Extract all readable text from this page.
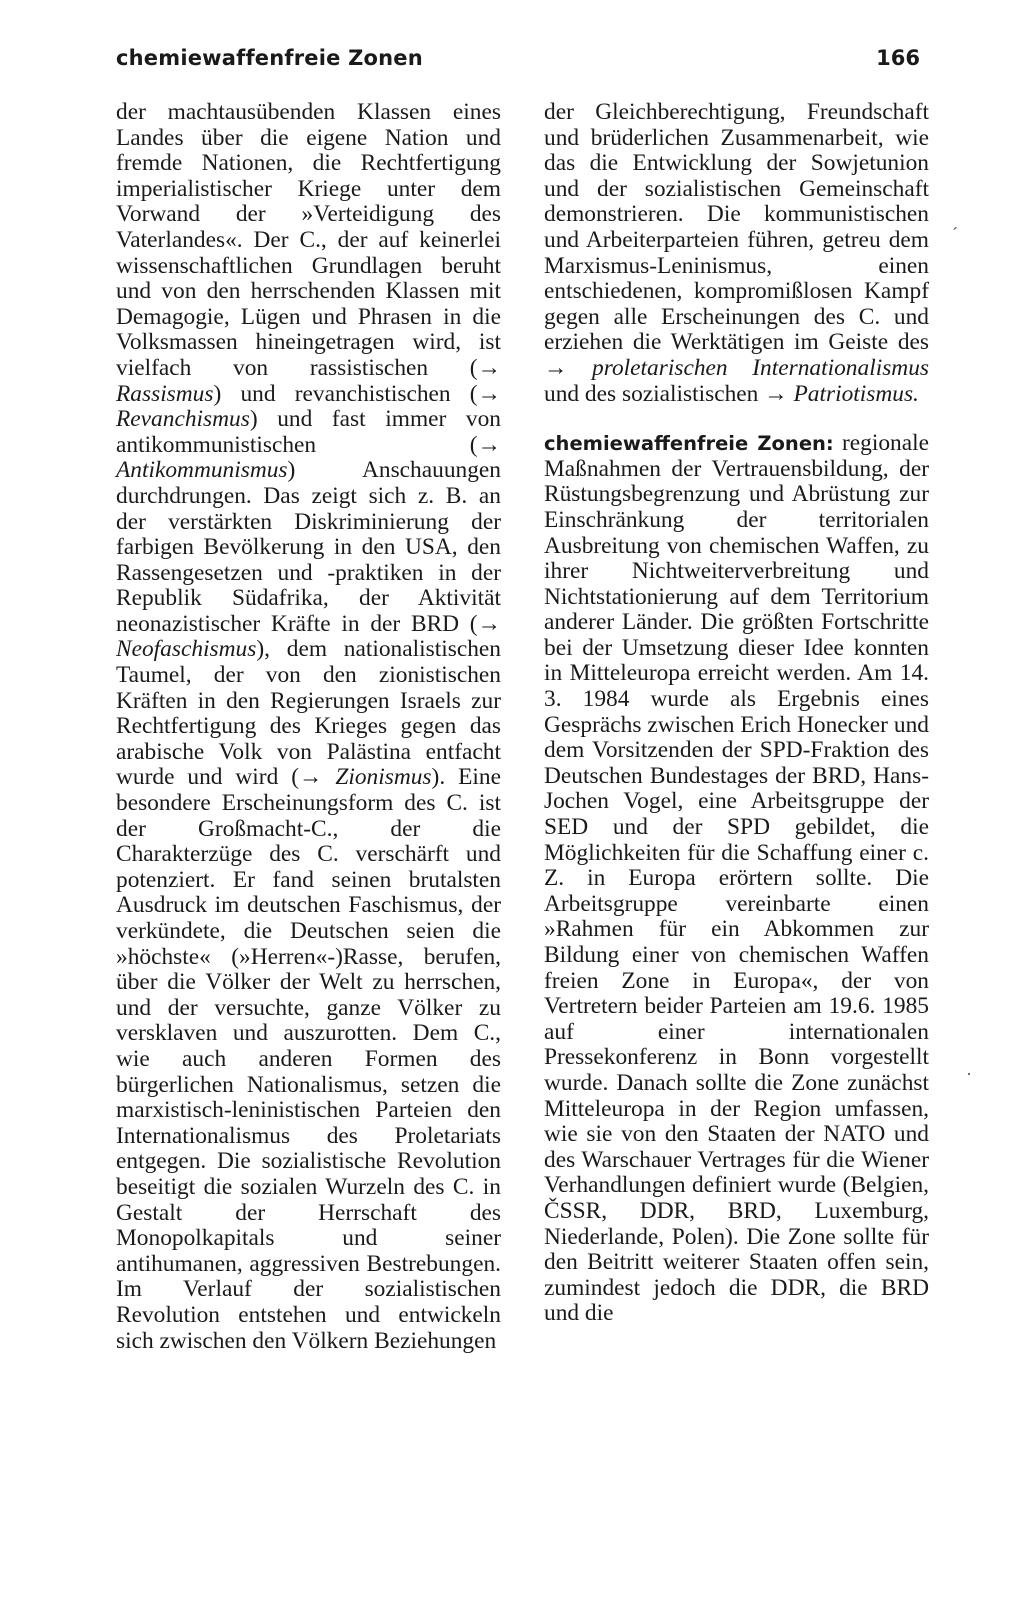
chemiewaffenfreie Zonen	166

der machtausübenden Klassen eines Landes über die eigene Nation und fremde Nationen, die Rechtfertigung imperialistischer Kriege unter dem Vorwand der »Verteidigung des Vaterlandes«. Der C., der auf keinerlei wissenschaftlichen Grundlagen beruht und von den herrschenden Klassen mit Demagogie, Lügen und Phrasen in die Volksmassen hineingetragen wird, ist vielfach von rassistischen (→ Rassismus) und revanchistischen (→ Revanchismus) und fast immer von antikommunistischen (→ Antikommunismus) Anschauungen durchdrungen. Das zeigt sich z. B. an der verstärkten Diskriminierung der farbigen Bevölkerung in den USA, den Rassengesetzen und -praktiken in der Republik Südafrika, der Aktivität neonazistischer Kräfte in der BRD (→ Neofaschismus), dem nationalistischen Taumel, der von den zionistischen Kräften in den Regierungen Israels zur Rechtfertigung des Krieges gegen das arabische Volk von Palästina entfacht wurde und wird (→ Zionismus). Eine besondere Erscheinungsform des C. ist der Großmacht-C., der die Charakterzüge des C. verschärft und potenziert. Er fand seinen brutalsten Ausdruck im deutschen Faschismus, der verkündete, die Deutschen seien die »höchste« (»Herren«-)Rasse, berufen, über die Völker der Welt zu herrschen, und der versuchte, ganze Völker zu versklaven und auszurotten. Dem C., wie auch anderen Formen des bürgerlichen Nationalismus, setzen die marxistisch-leninistischen Parteien den Internationalismus des Proletariats entgegen. Die sozialistische Revolution beseitigt die sozialen Wurzeln des C. in Gestalt der Herrschaft des Monopolkapitals und seiner antihumanen, aggressiven Bestrebungen. Im Verlauf der sozialistischen Revolution entstehen und entwickeln sich zwischen den Völkern Beziehungen

der Gleichberechtigung, Freundschaft und brüderlichen Zusammenarbeit, wie das die Entwicklung der Sowjetunion und der sozialistischen Gemeinschaft demonstrieren. Die kommunistischen und Arbeiterparteien führen, getreu dem Marxismus-Leninismus, einen entschiedenen, kompromißlosen Kampf gegen alle Erscheinungen des C. und erziehen die Werktätigen im Geiste des → proletarischen Internationalismus und des sozialistischen → Patriotismus.

chemiewaffenfreie Zonen: regionale Maßnahmen der Vertrauensbildung, der Rüstungsbegrenzung und Abrüstung zur Einschränkung der territorialen Ausbreitung von chemischen Waffen, zu ihrer Nichtweiterverbreitung und Nichtstationierung auf dem Territorium anderer Länder. Die größten Fortschritte bei der Umsetzung dieser Idee konnten in Mitteleuropa erreicht werden. Am 14. 3. 1984 wurde als Ergebnis eines Gesprächs zwischen Erich Honecker und dem Vorsitzenden der SPD-Fraktion des Deutschen Bundestages der BRD, Hans-Jochen Vogel, eine Arbeitsgruppe der SED und der SPD gebildet, die Möglichkeiten für die Schaffung einer c. Z. in Europa erörtern sollte. Die Arbeitsgruppe vereinbarte einen »Rahmen für ein Abkommen zur Bildung einer von chemischen Waffen freien Zone in Europa«, der von Vertretern beider Parteien am 19.6. 1985 auf einer internationalen Pressekonferenz in Bonn vorgestellt wurde. Danach sollte die Zone zunächst Mitteleuropa in der Region umfassen, wie sie von den Staaten der NATO und des Warschauer Vertrages für die Wiener Verhandlungen definiert wurde (Belgien, ČSSR, DDR, BRD, Luxemburg, Niederlande, Polen). Die Zone sollte für den Beitritt weiterer Staaten offen sein, zumindest jedoch die DDR, die BRD und die

´
·
